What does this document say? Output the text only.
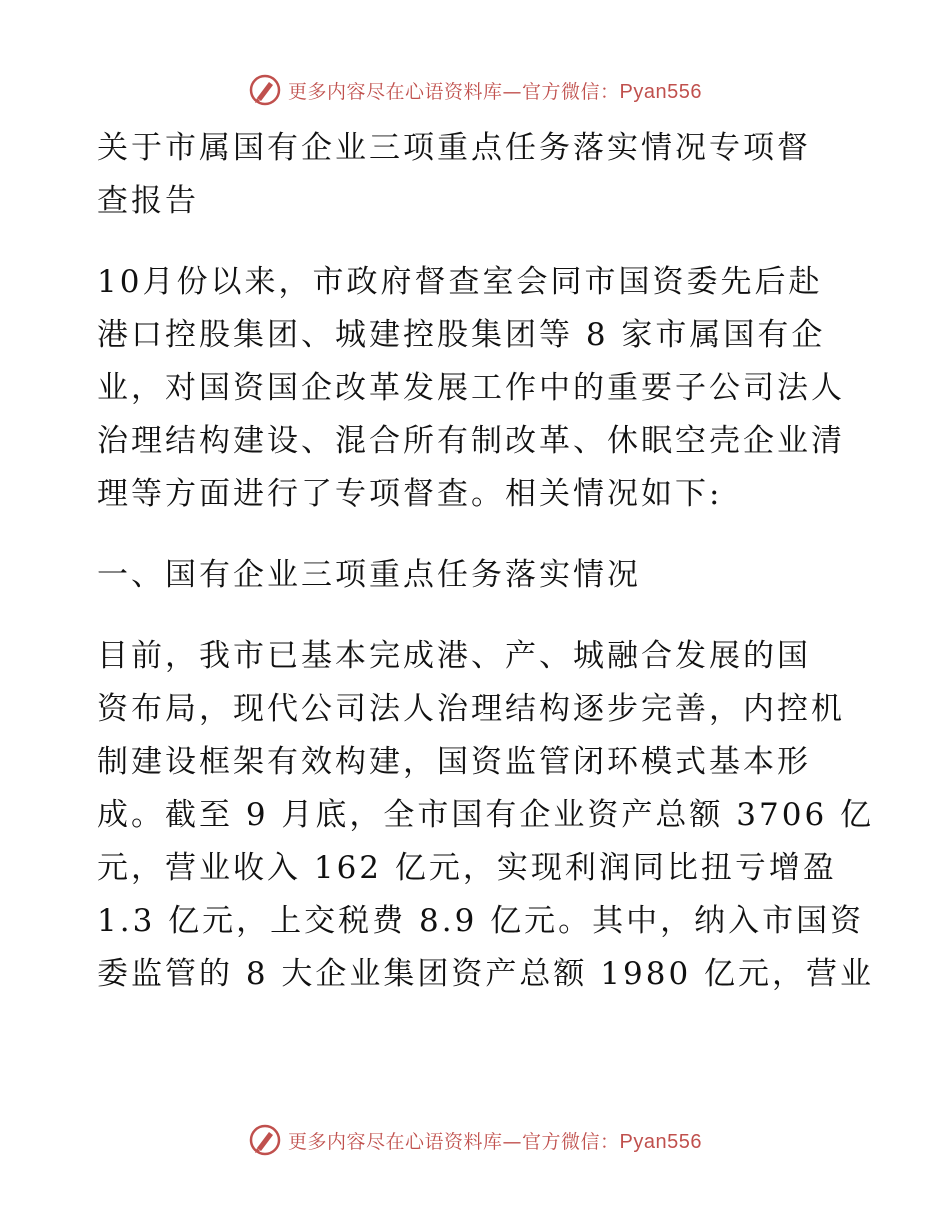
更多内容尽在心语资料库—官方微信：Pyan556
关于市属国有企业三项重点任务落实情况专项督
查报告
10月份以来，市政府督查室会同市国资委先后赴
港口控股集团、城建控股集团等 8 家市属国有企
业，对国资国企改革发展工作中的重要子公司法人
治理结构建设、混合所有制改革、休眠空壳企业清
理等方面进行了专项督查。相关情况如下:
一、国有企业三项重点任务落实情况
目前，我市已基本完成港、产、城融合发展的国
资布局，现代公司法人治理结构逐步完善，内控机
制建设框架有效构建，国资监管闭环模式基本形
成。截至 9 月底，全市国有企业资产总额 3706 亿
元，营业收入 162 亿元，实现利润同比扭亏增盈
1.3 亿元，上交税费 8.9 亿元。其中，纳入市国资
委监管的 8 大企业集团资产总额 1980 亿元，营业
更多内容尽在心语资料库—官方微信：Pyan556
